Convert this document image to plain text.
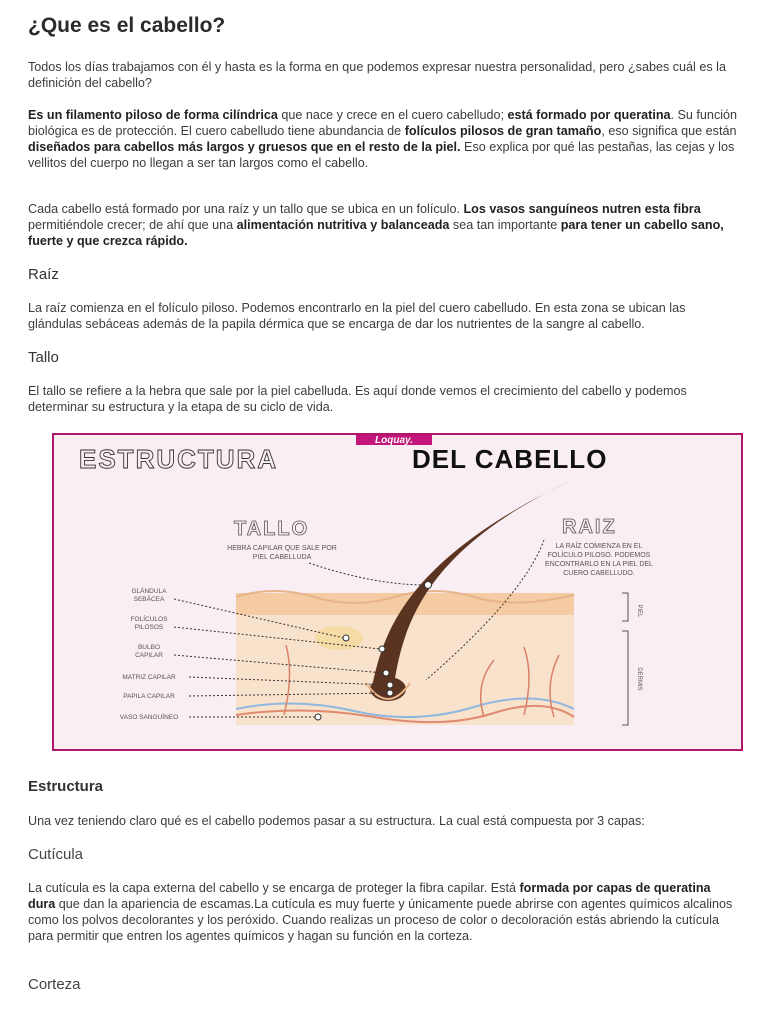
¿Que es el cabello?

Todos los días trabajamos con él y hasta es la forma en que podemos expresar nuestra personalidad, pero ¿sabes cuál es la definición del cabello?

Es un filamento piloso de forma cilíndrica que nace y crece en el cuero cabelludo; está formado por queratina. Su función biológica es de protección. El cuero cabelludo tiene abundancia de folículos pilosos de gran tamaño, eso significa que están diseñados para cabellos más largos y gruesos que en el resto de la piel. Eso explica por qué las pestañas, las cejas y los vellitos del cuerpo no llegan a ser tan largos como el cabello.

Cada cabello está formado por una raíz y un tallo que se ubica en un folículo. Los vasos sanguíneos nutren esta fibra permitiéndole crecer; de ahí que una alimentación nutritiva y balanceada sea tan importante para tener un cabello sano, fuerte y que crezca rápido.

Raíz

La raíz comienza en el folículo piloso. Podemos encontrarlo en la piel del cuero cabelludo. En esta zona se ubican las glándulas sebáceas además de la papila dérmica que se encarga de dar los nutrientes de la sangre al cabello.

Tallo

El tallo se refiere a la hebra que sale por la piel cabelluda. Es aquí donde vemos el crecimiento del cabello y podemos determinar su estructura y la etapa de su ciclo de vida.

Loquay.
ESTRUCTURA	DEL CABELLO
TALLO
HEBRA CAPILAR QUE SALE POR
PIEL CABELLUDA
RAIZ
LA RAÍZ COMIENZA EN EL
FOLÍCULO PILOSO. PODEMOS
ENCONTRARLO EN LA PIEL DEL
CUERO CABELLUDO.
GLÁNDULA
SEBÁCEA
FOLÍCULOS
PILOSOS
BULBO
CAPILAR
MATRIZ CAPILAR
PAPILA CAPILAR
VASO SANGUÍNEO
PIEL
DERMIS
Estructura

Una vez teniendo claro qué es el cabello podemos pasar a su estructura. La cual está compuesta por 3 capas:

Cutícula

La cutícula es la capa externa del cabello y se encarga de proteger la fibra capilar. Está formada por capas de queratina dura que dan la apariencia de escamas.La cutícula es muy fuerte y únicamente puede abrirse con agentes químicos alcalinos como los polvos decolorantes y los peróxido. Cuando realizas un proceso de color o decoloración estás abriendo la cutícula para permitir que entren los agentes químicos y hagan su función en la corteza.

Corteza
